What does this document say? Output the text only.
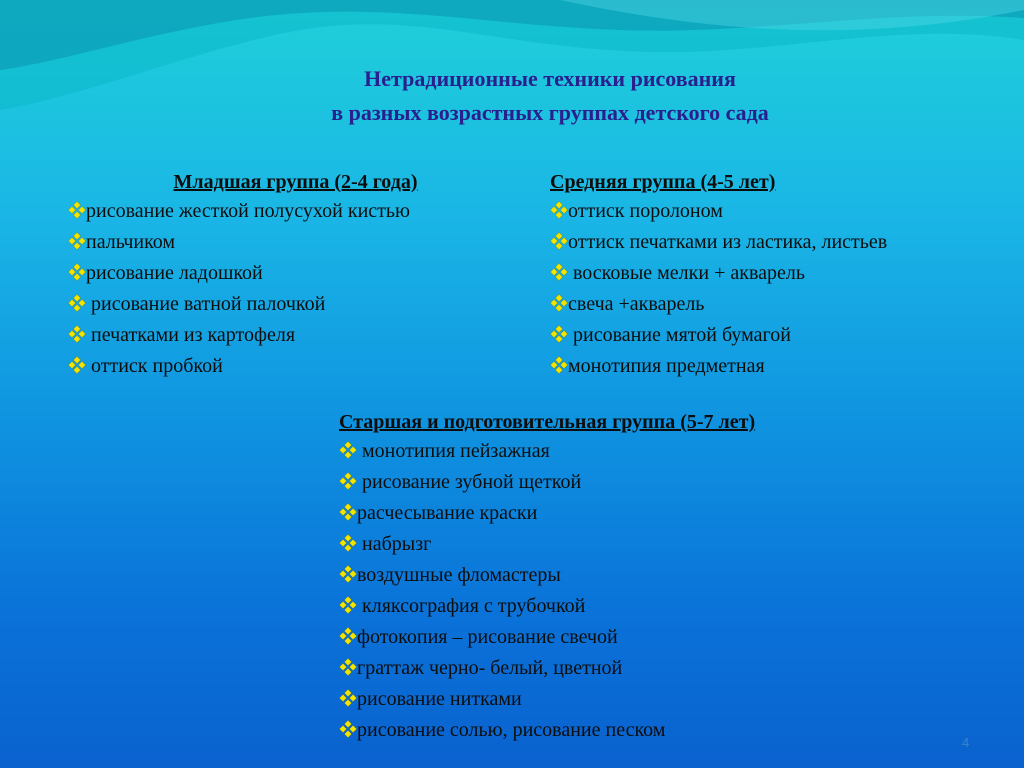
Нетрадиционные техники рисования
в разных возрастных группах детского сада
Младшая группа (2-4 года)
рисование жесткой полусухой кистью
пальчиком
рисование ладошкой
рисование ватной палочкой
печатками из картофеля
оттиск пробкой
Средняя группа (4-5 лет)
оттиск поролоном
оттиск печатками из ластика, листьев
восковые мелки + акварель
свеча +акварель
рисование мятой бумагой
монотипия предметная
Старшая и подготовительная группа (5-7 лет)
монотипия пейзажная
рисование зубной щеткой
расчесывание краски
набрызг
воздушные фломастеры
кляксография с трубочкой
фотокопия – рисование свечой
граттаж черно- белый, цветной
рисование нитками
рисование солью, рисование песком
4
